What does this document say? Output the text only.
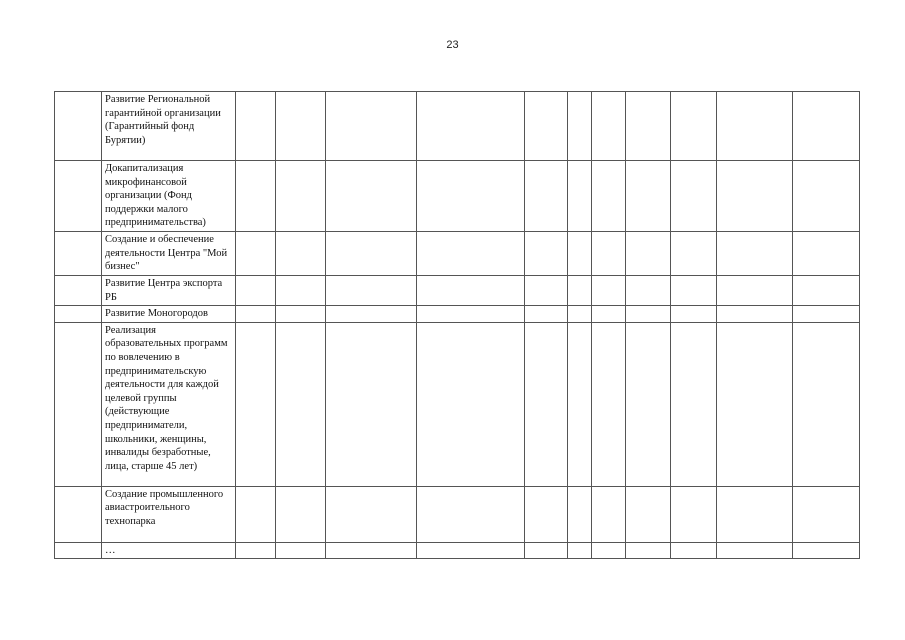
23
	Развитие Региональной гарантийной организации (Гарантийный фонд Бурятии)											
	Докапитализация микрофинансовой организации (Фонд поддержки малого предпринимательства)											
	Создание и обеспечение деятельности Центра "Мой бизнес"											
	Развитие Центра экспорта РБ											
	Развитие Моногородов											
	Реализация образовательных программ по вовлечению в предпринимательскую деятельности для каждой целевой группы (действующие предприниматели, школьники, женщины, инвалиды безработные, лица, старше 45 лет)											
	Создание промышленного авиастроительного технопарка											
	…											
